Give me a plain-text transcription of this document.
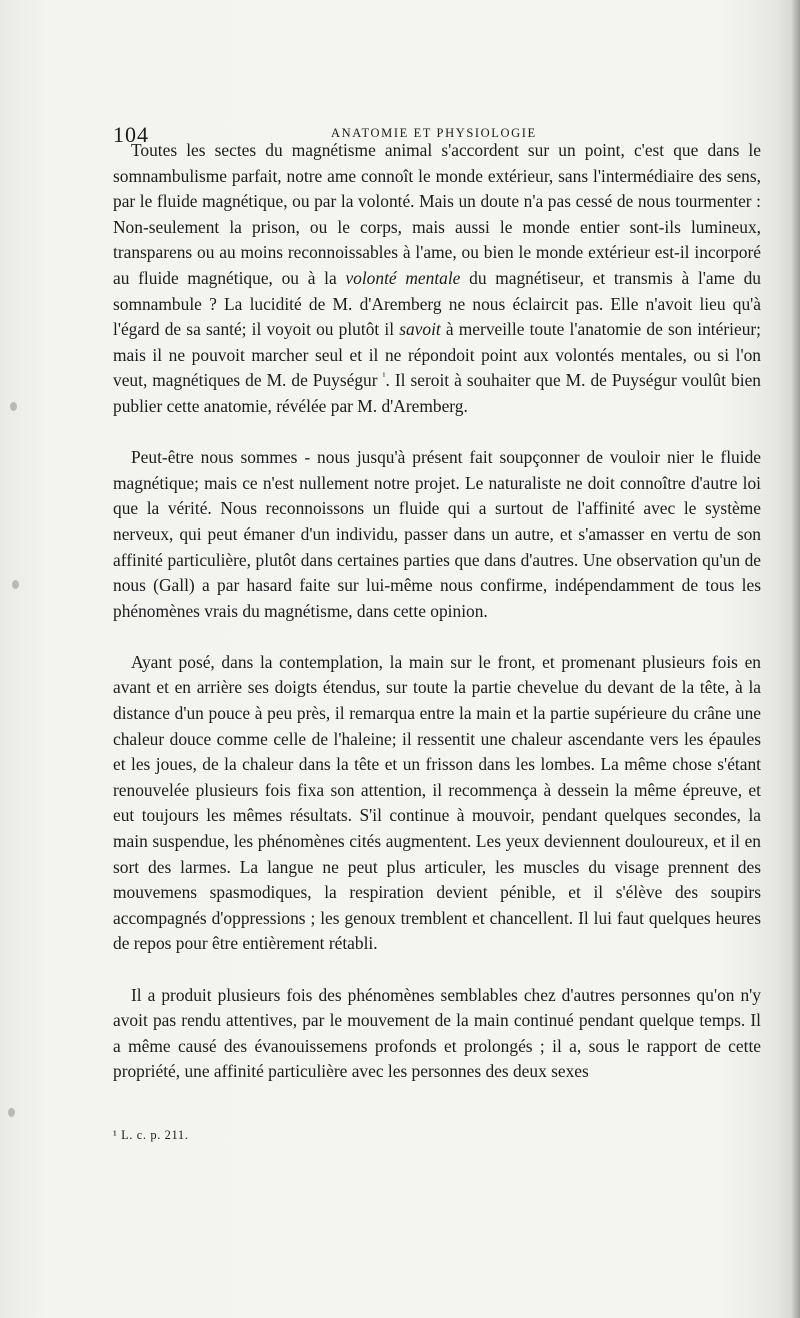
104	ANATOMIE ET PHYSIOLOGIE

Toutes les sectes du magnétisme animal s'accordent sur un point, c'est que dans le somnambulisme parfait, notre ame connoît le monde extérieur, sans l'intermédiaire des sens, par le fluide magnétique, ou par la volonté. Mais un doute n'a pas cessé de nous tourmenter : Non-seulement la prison, ou le corps, mais aussi le monde entier sont-ils lumineux, transparens ou au moins reconnoissables à l'ame, ou bien le monde extérieur est-il incorporé au fluide magnétique, ou à la volonté mentale du magnétiseur, et transmis à l'ame du somnambule ? La lucidité de M. d'Aremberg ne nous éclaircit pas. Elle n'avoit lieu qu'à l'égard de sa santé; il voyoit ou plutôt il savoit à merveille toute l'anatomie de son intérieur; mais il ne pouvoit marcher seul et il ne répondoit point aux volontés mentales, ou si l'on veut, magnétiques de M. de Puységur $^{^1}$. Il seroit à souhaiter que M. de Puységur voulût bien publier cette anatomie, révélée par M. d'Aremberg.

Peut-être nous sommes - nous jusqu'à présent fait soupçonner de vouloir nier le fluide magnétique; mais ce n'est nullement notre projet. Le naturaliste ne doit connoître d'autre loi que la vérité. Nous reconnoissons un fluide qui a surtout de l'affinité avec le système nerveux, qui peut émaner d'un individu, passer dans un autre, et s'amasser en vertu de son affinité particulière, plutôt dans certaines parties que dans d'autres. Une observation qu'un de nous (Gall) a par hasard faite sur lui-même nous confirme, indépendamment de tous les phénomènes vrais du magnétisme, dans cette opinion.

Ayant posé, dans la contemplation, la main sur le front, et promenant plusieurs fois en avant et en arrière ses doigts étendus, sur toute la partie chevelue du devant de la tête, à la distance d'un pouce à peu près, il remarqua entre la main et la partie supérieure du crâne une chaleur douce comme celle de l'haleine; il ressentit une chaleur ascendante vers les épaules et les joues, de la chaleur dans la tête et un frisson dans les lombes. La même chose s'étant renouvelée plusieurs fois fixa son attention, il recommença à dessein la même épreuve, et eut toujours les mêmes résultats. S'il continue à mouvoir, pendant quelques secondes, la main suspendue, les phénomènes cités augmentent. Les yeux deviennent douloureux, et il en sort des larmes. La langue ne peut plus articuler, les muscles du visage prennent des mouvemens spasmodiques, la respiration devient pénible, et il s'élève des soupirs accompagnés d'oppressions ; les genoux tremblent et chancellent. Il lui faut quelques heures de repos pour être entièrement rétabli.

Il a produit plusieurs fois des phénomènes semblables chez d'autres personnes qu'on n'y avoit pas rendu attentives, par le mouvement de la main continué pendant quelque temps. Il a même causé des évanouissemens profonds et prolongés ; il a, sous le rapport de cette propriété, une affinité particulière avec les personnes des deux sexes

¹ L. c. p. 211.
